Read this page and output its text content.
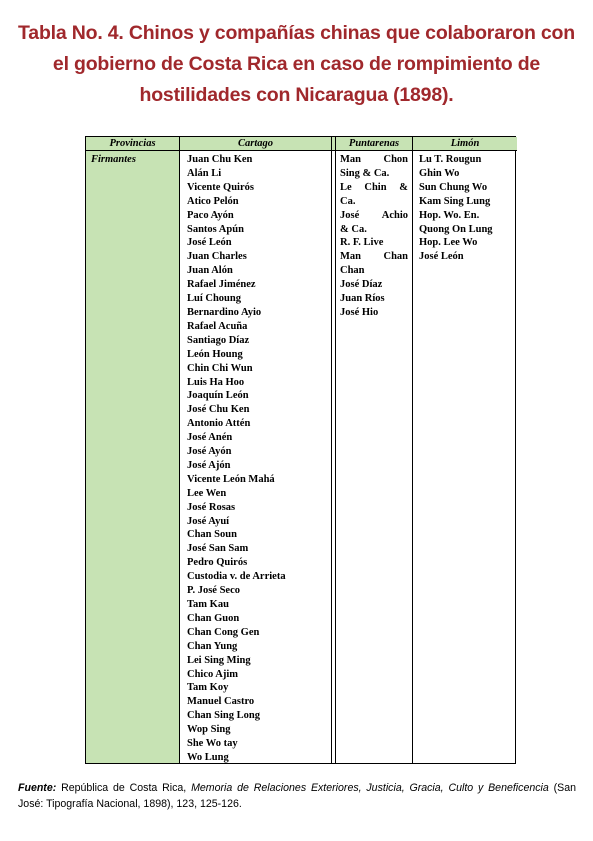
Tabla No. 4. Chinos y compañías chinas que colaboraron con el gobierno de Costa Rica en caso de rompimiento de hostilidades con Nicaragua (1898).
Provincias
Firmantes
Cartago
Juan Chu Ken
Alán Li
Vicente Quirós
Atico Pelón
Paco Ayón
Santos Apún
José León
Juan Charles
Juan Alón
Rafael Jiménez
Luí Choung
Bernardino Ayio
Rafael Acuña
Santiago Díaz
León Houng
Chin Chi Wun
Luis Ha Hoo
Joaquín León
José Chu Ken
Antonio Attén
José Anén
José Ayón
José Ajón
Vicente León Mahá
Lee Wen
José Rosas
José Ayuí
Chan Soun
José San Sam
Pedro Quirós
Custodia v. de Arrieta
P. José Seco
Tam Kau
Chan Guon
Chan Cong Gen
Chan Yung
Lei Sing Ming
Chico Ajim
Tam Koy
Manuel Castro
Chan Sing Long
Wop Sing
She Wo tay
Wo Lung
Puntarenas
Man Chon
Sing & Ca.
Le Chin &
Ca.
José Achio
& Ca.
R. F. Live
Man Chan
Chan
José Díaz
Juan Ríos
José Hio
Limón
Lu T. Rougun
Ghin Wo
Sun Chung Wo
Kam Sing Lung
Hop. Wo. En.
Quong On Lung
Hop. Lee Wo
José León
Fuente: República de Costa Rica, Memoria de Relaciones Exteriores, Justicia, Gracia, Culto y Beneficencia (San José: Tipografía Nacional, 1898), 123, 125-126.
